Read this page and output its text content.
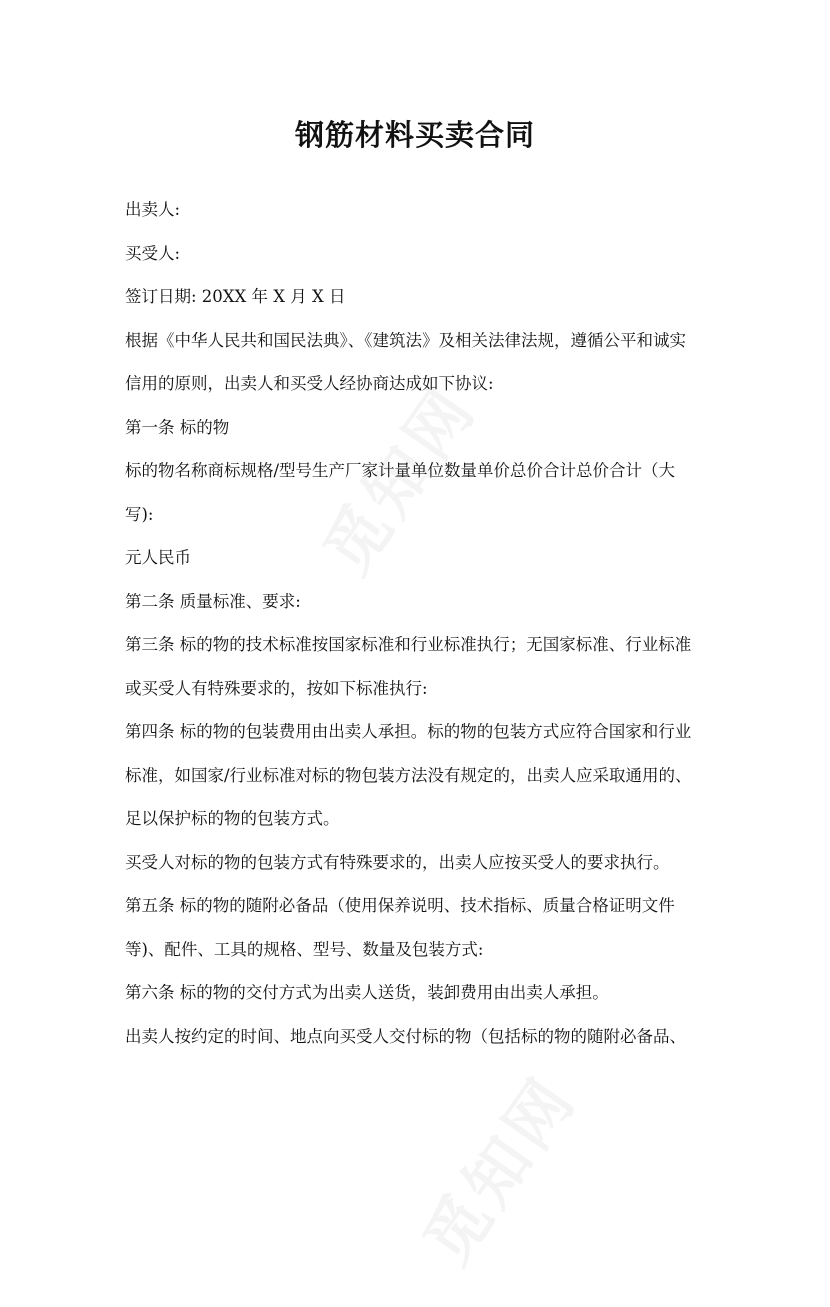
钢筋材料买卖合同
出卖人:
买受人:
签订日期: 20XX 年 X 月 X 日
根据《中华人民共和国民法典》、《建筑法》及相关法律法规，遵循公平和诚实
信用的原则，出卖人和买受人经协商达成如下协议:
第一条 标的物
标的物名称商标规格/型号生产厂家计量单位数量单价总价合计总价合计（大
写):
元人民币
第二条 质量标准、要求:
第三条 标的物的技术标准按国家标准和行业标准执行；无国家标准、行业标准
或买受人有特殊要求的，按如下标准执行:
第四条 标的物的包装费用由出卖人承担。标的物的包装方式应符合国家和行业
标准，如国家/行业标准对标的物包装方法没有规定的，出卖人应采取通用的、
足以保护标的物的包装方式。
买受人对标的物的包装方式有特殊要求的，出卖人应按买受人的要求执行。
第五条 标的物的随附必备品（使用保养说明、技术指标、质量合格证明文件
等)、配件、工具的规格、型号、数量及包装方式:
第六条 标的物的交付方式为出卖人送货，装卸费用由出卖人承担。
出卖人按约定的时间、地点向买受人交付标的物（包括标的物的随附必备品、
